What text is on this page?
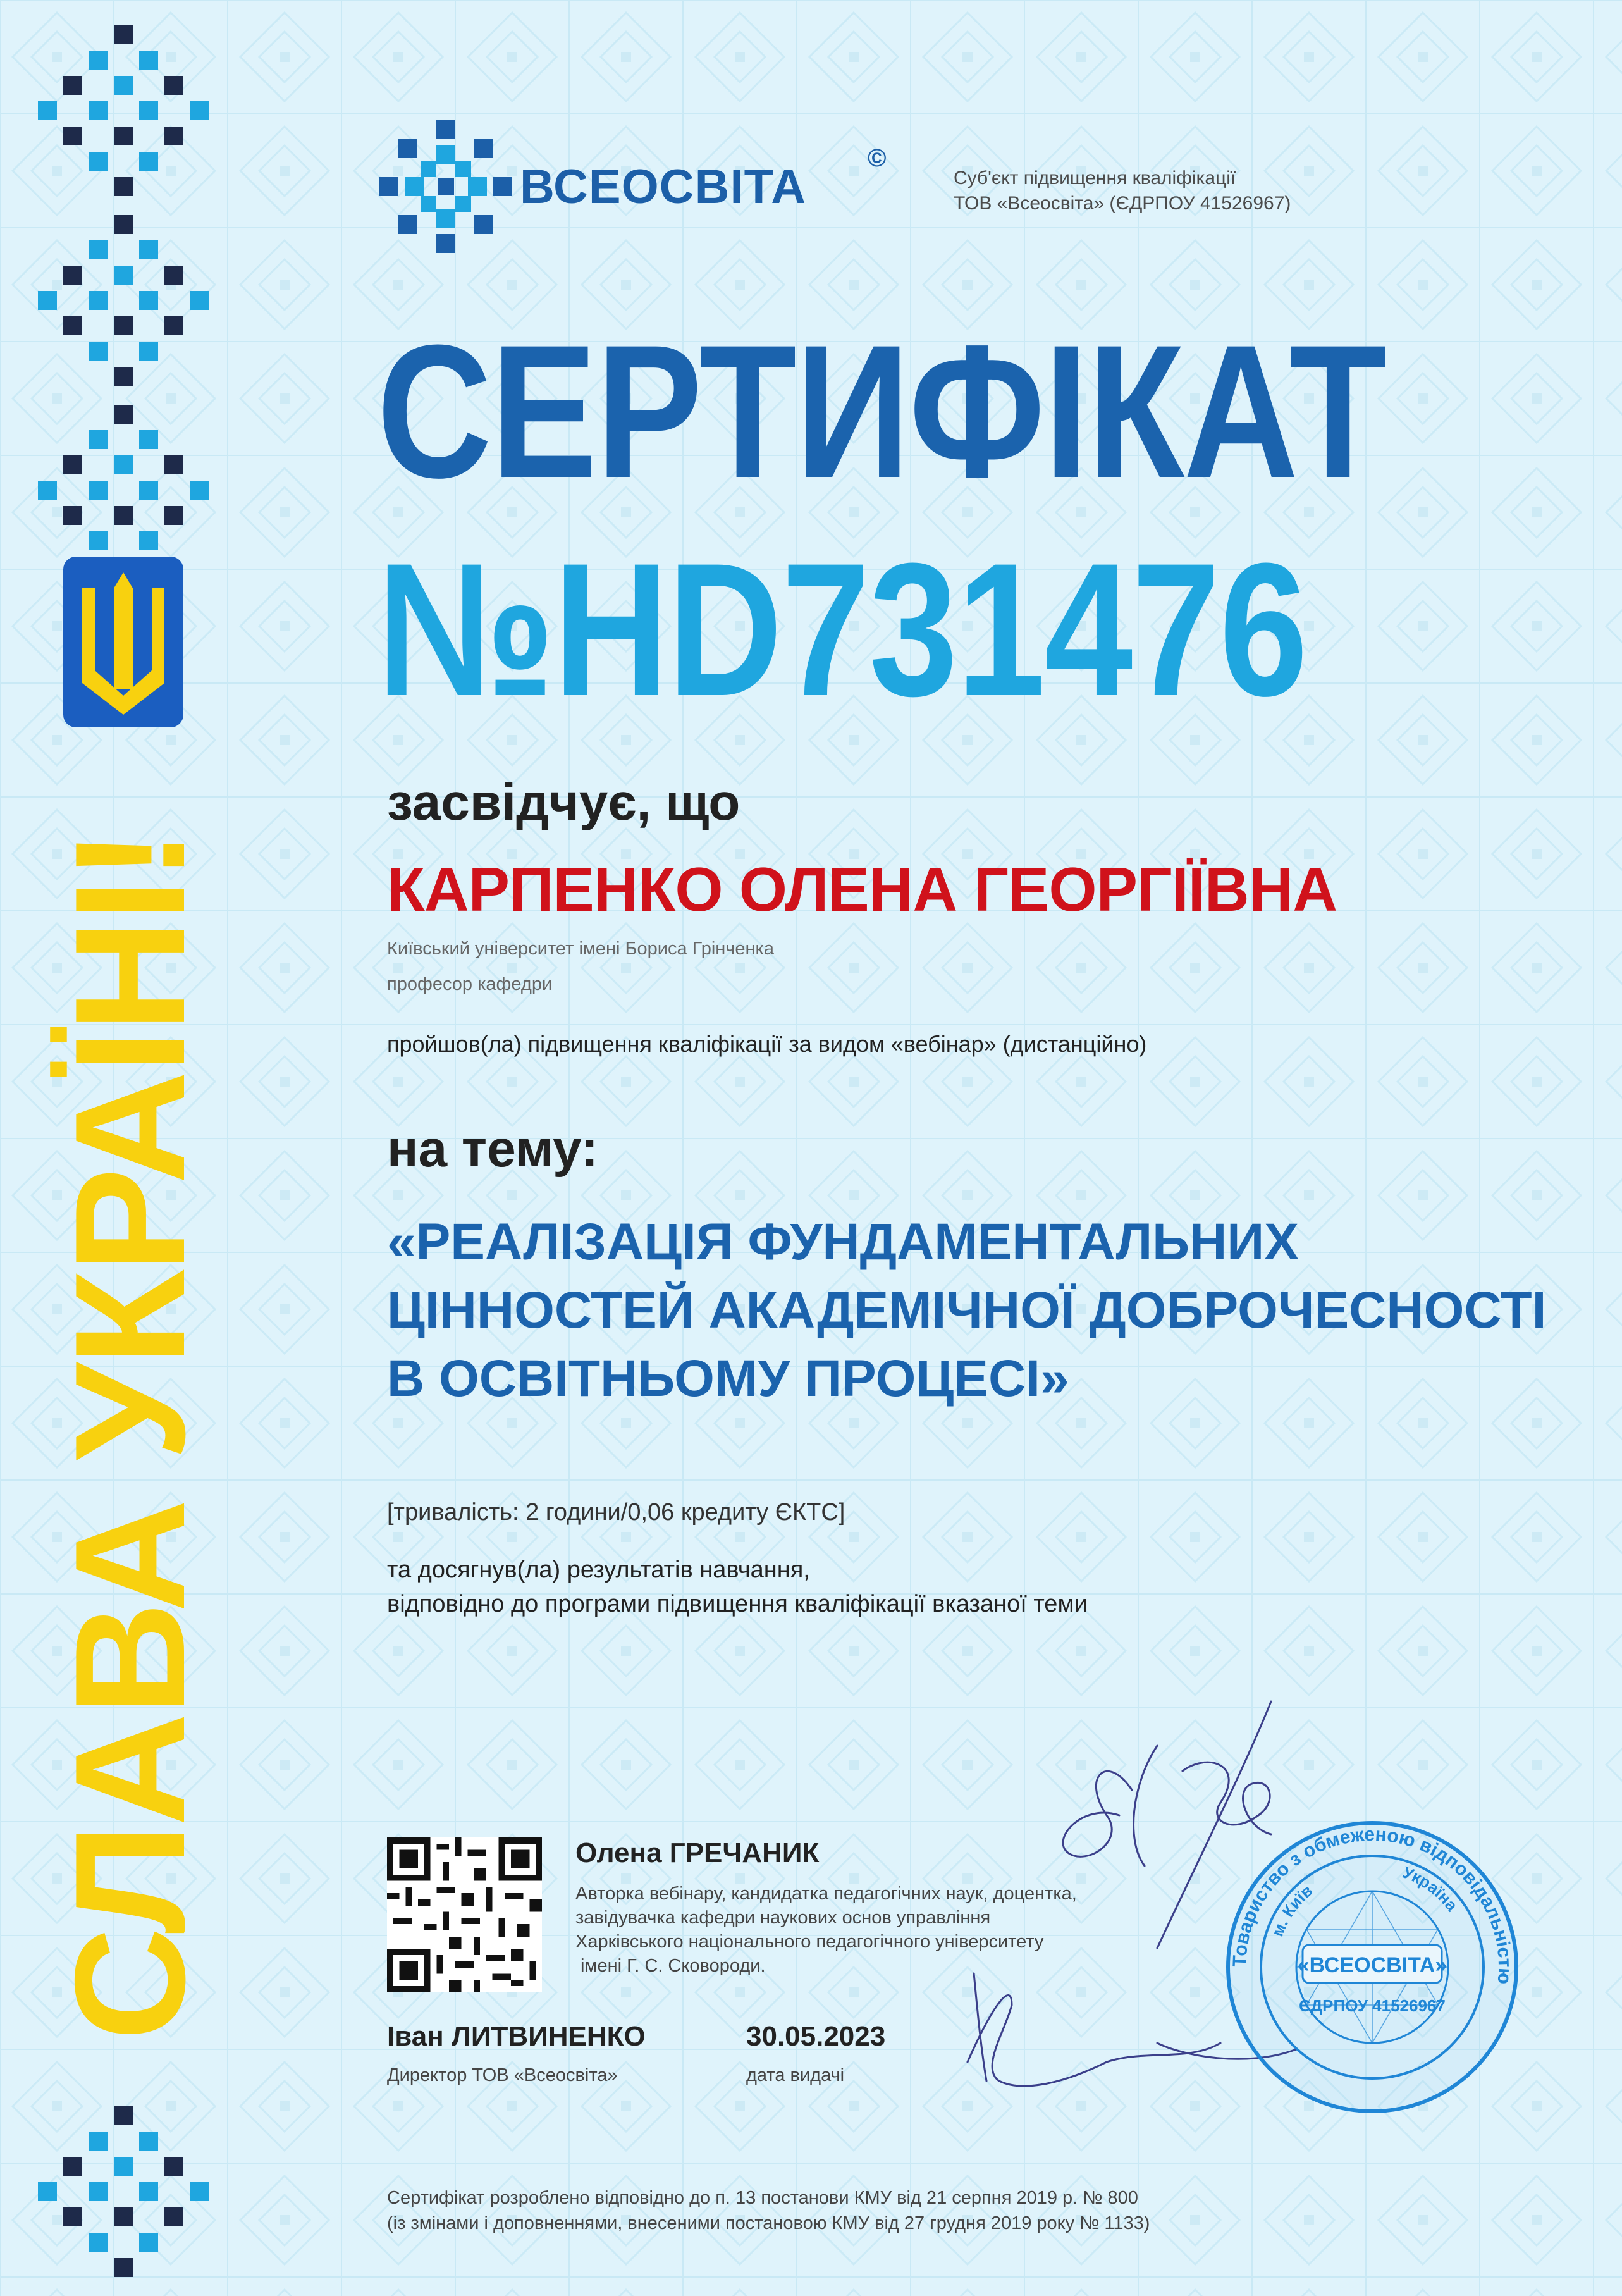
СЛАВА УКРАЇНІ!
ВСЕОСВІТА
©
Суб'єкт підвищення кваліфікації
ТОВ «Всеосвіта» (ЄДРПОУ 41526967)
СЕРТИФІКАТ
№HD731476
засвідчує, що
КАРПЕНКО ОЛЕНА ГЕОРГІЇВНА
Київський університет імені Бориса Грінченка
професор кафедри
пройшов(ла) підвищення кваліфікації за видом «вебінар» (дистанційно)
на тему:
«РЕАЛІЗАЦІЯ ФУНДАМЕНТАЛЬНИХ
ЦІННОСТЕЙ АКАДЕМІЧНОЇ ДОБРОЧЕСНОСТІ
В ОСВІТНЬОМУ ПРОЦЕСІ»
[тривалість: 2 години/0,06 кредиту ЄКТС]
та досягнув(ла) результатів навчання,
відповідно до програми підвищення кваліфікації вказаної теми
Олена ГРЕЧАНИК
Авторка вебінару, кандидатка педагогічних наук, доцентка,
завідувачка кафедри наукових основ управління
Харківського національного педагогічного університету
імені Г. С. Сковороди.
Іван ЛИТВИНЕНКО
Директор ТОВ «Всеосвіта»
30.05.2023
дата видачі
Товариство з обмеженою відповідальністю
м. Київ
Україна
«ВСЕОСВІТА»
ЄДРПОУ 41526967
Сертифікат розроблено відповідно до п. 13 постанови КМУ від 21 серпня 2019 р. № 800
(із змінами і доповненнями, внесеними постановою КМУ від 27 грудня 2019 року № 1133)
